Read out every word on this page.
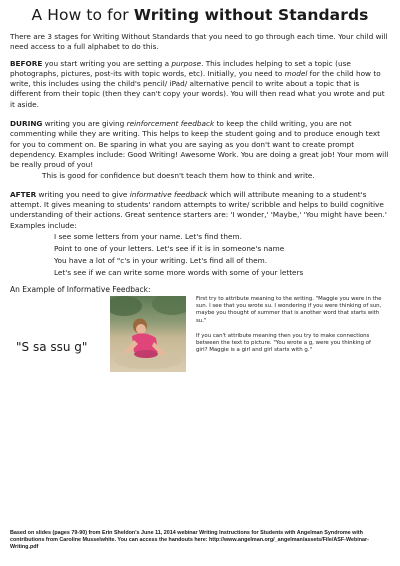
A How to for Writing without Standards

There are 3 stages for Writing Without Standards that you need to go through each time. Your child will need access to a full alphabet to do this.

BEFORE you start writing you are setting a purpose. This includes helping to set a topic (use photographs, pictures, post-its with topic words, etc). Initially, you need to model for the child how to write, this includes using the child's pencil/ iPad/ alternative pencil to write about a topic that is different from their topic (then they can't copy your words). You will then read what you wrote and put it aside.

DURING writing you are giving reinforcement feedback to keep the child writing, you are not commenting while they are writing. This helps to keep the student going and to produce enough text for you to comment on. Be sparing in what you are saying as you don't want to create prompt dependency. Examples include: Good Writing! Awesome Work. You are doing a great job! Your mom will be really proud of you!

This is good for confidence but doesn't teach them how to think and write.

AFTER writing you need to give informative feedback which will attribute meaning to a student's attempt. It gives meaning to students' random attempts to write/ scribble and helps to build cognitive understanding of their actions. Great sentence starters are: 'I wonder,' 'Maybe,' 'You might have been.' Examples include:

I see some letters from your name. Let's find them.
Point to one of your letters. Let's see if it is in someone's name
You have a lot of "c's in your writing. Let's find all of them.
Let's see if we can write some more words with some of your letters
An Example of Informative Feedback:
"S sa ssu g"

First try to attribute meaning to the writing. "Maggie you were in the sun. I see that you wrote su. I wondering if you were thinking of sun, maybe you thought of summer that is another word that starts with su."

If you can't attribute meaning then you try to make connections between the text to picture. "You wrote a g, were you thinking of girl? Maggie is a girl and girl starts with g."

Based on slides (pages 79-90) from Erin Sheldon's June 11, 2014 webinar Writing Instructions for Students with Angelman Syndrome with contributions from Caroline Musselwhite. You can access the handouts here: http://www.angelman.org/_angelman/assets/File/ASF-Webinar-Writing.pdf
